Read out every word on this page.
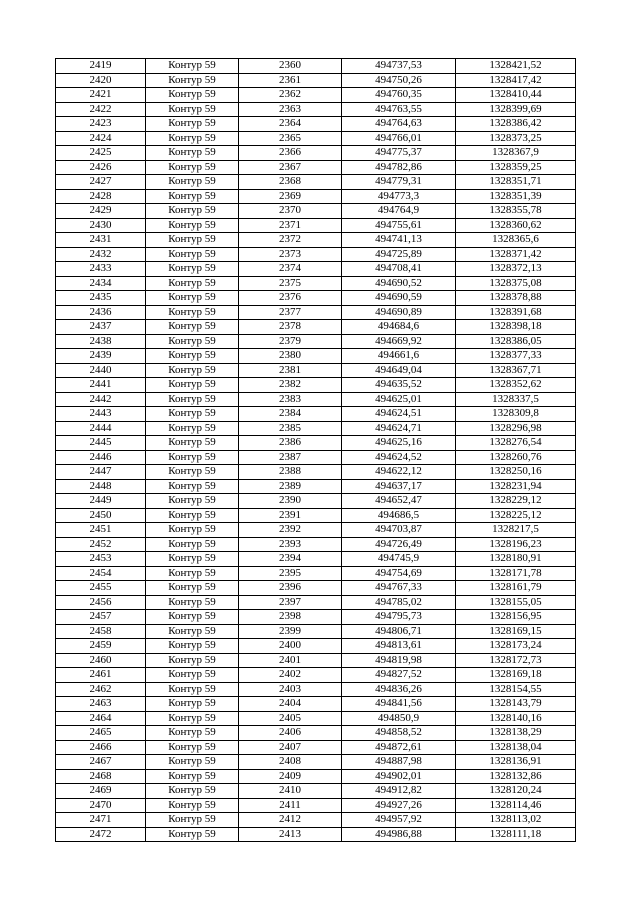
2419	Контур 59	2360	494737,53	1328421,52
2420	Контур 59	2361	494750,26	1328417,42
2421	Контур 59	2362	494760,35	1328410,44
2422	Контур 59	2363	494763,55	1328399,69
2423	Контур 59	2364	494764,63	1328386,42
2424	Контур 59	2365	494766,01	1328373,25
2425	Контур 59	2366	494775,37	1328367,9
2426	Контур 59	2367	494782,86	1328359,25
2427	Контур 59	2368	494779,31	1328351,71
2428	Контур 59	2369	494773,3	1328351,39
2429	Контур 59	2370	494764,9	1328355,78
2430	Контур 59	2371	494755,61	1328360,62
2431	Контур 59	2372	494741,13	1328365,6
2432	Контур 59	2373	494725,89	1328371,42
2433	Контур 59	2374	494708,41	1328372,13
2434	Контур 59	2375	494690,52	1328375,08
2435	Контур 59	2376	494690,59	1328378,88
2436	Контур 59	2377	494690,89	1328391,68
2437	Контур 59	2378	494684,6	1328398,18
2438	Контур 59	2379	494669,92	1328386,05
2439	Контур 59	2380	494661,6	1328377,33
2440	Контур 59	2381	494649,04	1328367,71
2441	Контур 59	2382	494635,52	1328352,62
2442	Контур 59	2383	494625,01	1328337,5
2443	Контур 59	2384	494624,51	1328309,8
2444	Контур 59	2385	494624,71	1328296,98
2445	Контур 59	2386	494625,16	1328276,54
2446	Контур 59	2387	494624,52	1328260,76
2447	Контур 59	2388	494622,12	1328250,16
2448	Контур 59	2389	494637,17	1328231,94
2449	Контур 59	2390	494652,47	1328229,12
2450	Контур 59	2391	494686,5	1328225,12
2451	Контур 59	2392	494703,87	1328217,5
2452	Контур 59	2393	494726,49	1328196,23
2453	Контур 59	2394	494745,9	1328180,91
2454	Контур 59	2395	494754,69	1328171,78
2455	Контур 59	2396	494767,33	1328161,79
2456	Контур 59	2397	494785,02	1328155,05
2457	Контур 59	2398	494795,73	1328156,95
2458	Контур 59	2399	494806,71	1328169,15
2459	Контур 59	2400	494813,61	1328173,24
2460	Контур 59	2401	494819,98	1328172,73
2461	Контур 59	2402	494827,52	1328169,18
2462	Контур 59	2403	494836,26	1328154,55
2463	Контур 59	2404	494841,56	1328143,79
2464	Контур 59	2405	494850,9	1328140,16
2465	Контур 59	2406	494858,52	1328138,29
2466	Контур 59	2407	494872,61	1328138,04
2467	Контур 59	2408	494887,98	1328136,91
2468	Контур 59	2409	494902,01	1328132,86
2469	Контур 59	2410	494912,82	1328120,24
2470	Контур 59	2411	494927,26	1328114,46
2471	Контур 59	2412	494957,92	1328113,02
2472	Контур 59	2413	494986,88	1328111,18
